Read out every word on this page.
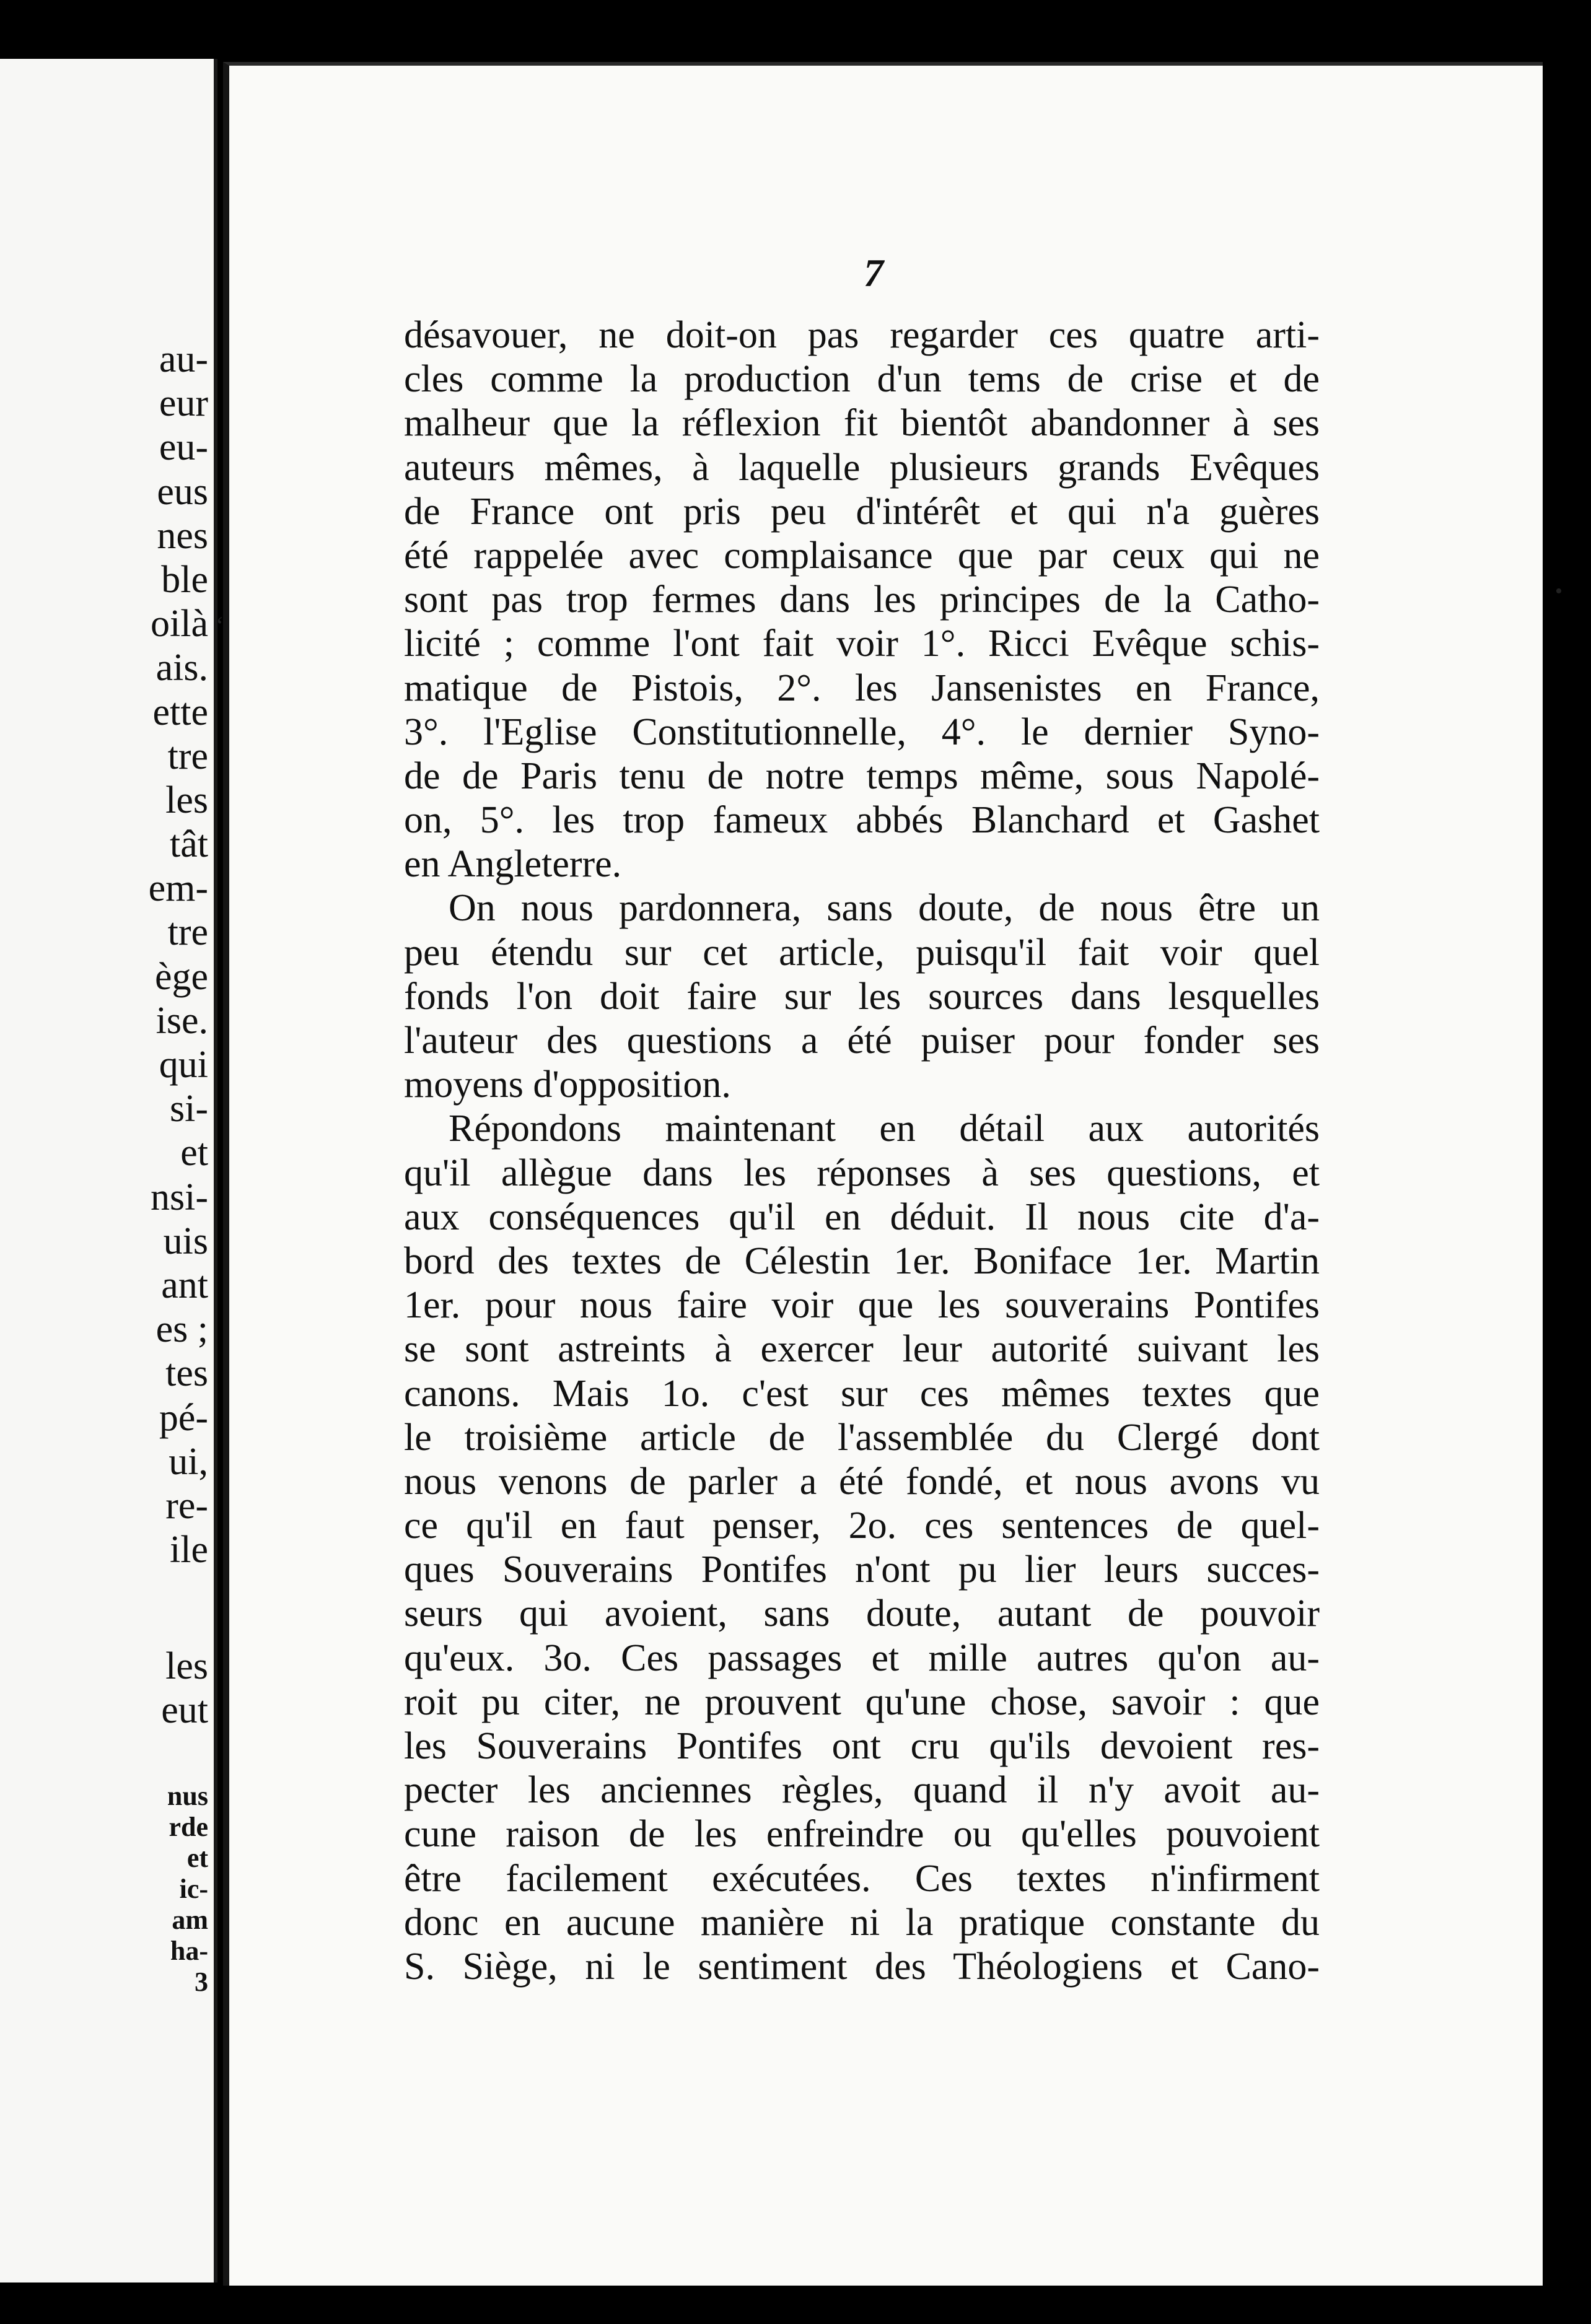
au-
eur
eu-
eus
nes
ble
oilà
ais.
ette
tre
les
tât
em-
tre
ège
ise.
qui
si-
et
nsi-
uis
ant
es ;
tes
pé-
ui,
re-
ile
les
eut
nus
rde
et
ic-
am
ha-
3
7
désavouer, ne doit-on pas regarder ces quatre arti-
cles comme la production d'un tems de crise et de
malheur que la réflexion fit bientôt abandonner à ses
auteurs mêmes, à laquelle plusieurs grands Evêques
de France ont pris peu d'intérêt et qui n'a guères
été rappelée avec complaisance que par ceux qui ne
sont pas trop fermes dans les principes de la Catho-
licité ; comme l'ont fait voir 1°. Ricci Evêque schis-
matique de Pistois, 2°. les Jansenistes en France,
3°. l'Eglise Constitutionnelle, 4°. le dernier Syno-
de de Paris tenu de notre temps même, sous Napolé-
on, 5°. les trop fameux abbés Blanchard et Gashet
en Angleterre.
On nous pardonnera, sans doute, de nous être un
peu étendu sur cet article, puisqu'il fait voir quel
fonds l'on doit faire sur les sources dans lesquelles
l'auteur des questions a été puiser pour fonder ses
moyens d'opposition.
Répondons maintenant en détail aux autorités
qu'il allègue dans les réponses à ses questions, et
aux conséquences qu'il en déduit. Il nous cite d'a-
bord des textes de Célestin 1er. Boniface 1er. Martin
1er. pour nous faire voir que les souverains Pontifes
se sont astreints à exercer leur autorité suivant les
canons. Mais 1o. c'est sur ces mêmes textes que
le troisième article de l'assemblée du Clergé dont
nous venons de parler a été fondé, et nous avons vu
ce qu'il en faut penser, 2o. ces sentences de quel-
ques Souverains Pontifes n'ont pu lier leurs succes-
seurs qui avoient, sans doute, autant de pouvoir
qu'eux. 3o. Ces passages et mille autres qu'on au-
roit pu citer, ne prouvent qu'une chose, savoir : que
les Souverains Pontifes ont cru qu'ils devoient res-
pecter les anciennes règles, quand il n'y avoit au-
cune raison de les enfreindre ou qu'elles pouvoient
être facilement exécutées. Ces textes n'infirment
donc en aucune manière ni la pratique constante du
S. Siège, ni le sentiment des Théologiens et Cano-
‘
•
